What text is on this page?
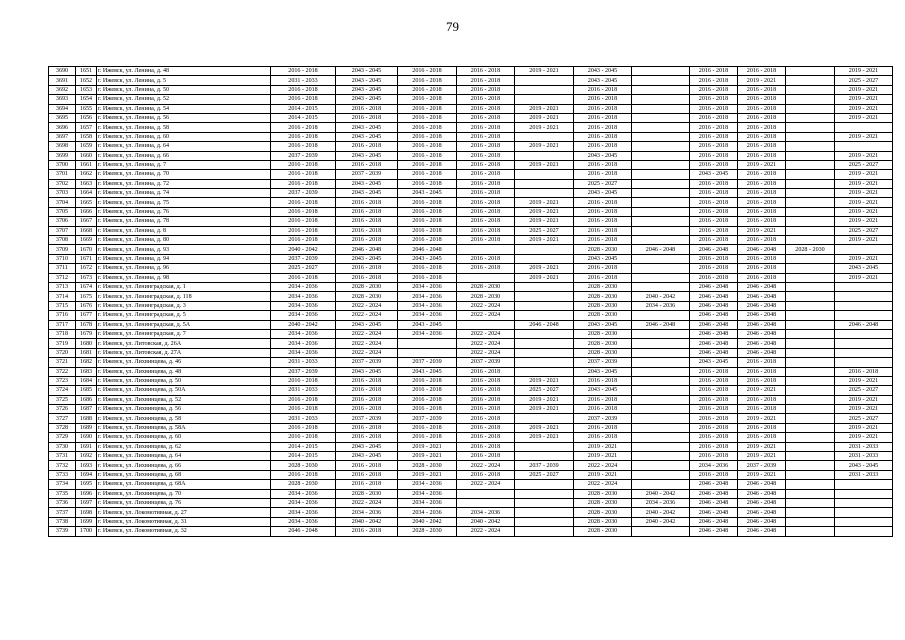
79
3690	1651	г. Ижевск, ул. Ленина, д. 48	2016 - 2018	2043 - 2045	2016 - 2018	2016 - 2018	2019 - 2021	2043 - 2045		2016 - 2018	2016 - 2018		2019 - 2021
3691	1652	г. Ижевск, ул. Ленина, д. 5	2031 - 2033	2043 - 2045	2016 - 2018	2016 - 2018		2043 - 2045		2016 - 2018	2019 - 2021		2025 - 2027
3692	1653	г. Ижевск, ул. Ленина, д. 50	2016 - 2018	2043 - 2045	2016 - 2018	2016 - 2018		2016 - 2018		2016 - 2018	2016 - 2018		2019 - 2021
3693	1654	г. Ижевск, ул. Ленина, д. 52	2016 - 2018	2043 - 2045	2016 - 2018	2016 - 2018		2016 - 2018		2016 - 2018	2016 - 2018		2019 - 2021
3694	1655	г. Ижевск, ул. Ленина, д. 54	2014 - 2015	2016 - 2018	2016 - 2018	2016 - 2018	2019 - 2021	2016 - 2018		2016 - 2018	2016 - 2018		2019 - 2021
3695	1656	г. Ижевск, ул. Ленина, д. 56	2014 - 2015	2016 - 2018	2016 - 2018	2016 - 2018	2019 - 2021	2016 - 2018		2016 - 2018	2016 - 2018		2019 - 2021
3696	1657	г. Ижевск, ул. Ленина, д. 58	2016 - 2018	2043 - 2045	2016 - 2018	2016 - 2018	2019 - 2021	2016 - 2018		2016 - 2018	2016 - 2018		
3697	1658	г. Ижевск, ул. Ленина, д. 60	2016 - 2018	2043 - 2045	2016 - 2018	2016 - 2018		2016 - 2018		2016 - 2018	2016 - 2018		2019 - 2021
3698	1659	г. Ижевск, ул. Ленина, д. 64	2016 - 2018	2016 - 2018	2016 - 2018	2016 - 2018	2019 - 2021	2016 - 2018		2016 - 2018	2016 - 2018		
3699	1660	г. Ижевск, ул. Ленина, д. 66	2037 - 2039	2043 - 2045	2016 - 2018	2016 - 2018		2043 - 2045		2016 - 2018	2016 - 2018		2019 - 2021
3700	1661	г. Ижевск, ул. Ленина, д. 7	2016 - 2018	2016 - 2018	2016 - 2018	2016 - 2018	2019 - 2021	2016 - 2018		2016 - 2018	2019 - 2021		2025 - 2027
3701	1662	г. Ижевск, ул. Ленина, д. 70	2016 - 2018	2037 - 2039	2016 - 2018	2016 - 2018		2016 - 2018		2043 - 2045	2016 - 2018		2019 - 2021
3702	1663	г. Ижевск, ул. Ленина, д. 72	2016 - 2018	2043 - 2045	2016 - 2018	2016 - 2018		2025 - 2027		2016 - 2018	2016 - 2018		2019 - 2021
3703	1664	г. Ижевск, ул. Ленина, д. 74	2037 - 2039	2043 - 2045	2043 - 2045	2016 - 2018		2043 - 2045		2016 - 2018	2016 - 2018		2019 - 2021
3704	1665	г. Ижевск, ул. Ленина, д. 75	2016 - 2018	2016 - 2018	2016 - 2018	2016 - 2018	2019 - 2021	2016 - 2018		2016 - 2018	2016 - 2018		2019 - 2021
3705	1666	г. Ижевск, ул. Ленина, д. 76	2016 - 2018	2016 - 2018	2016 - 2018	2016 - 2018	2019 - 2021	2016 - 2018		2016 - 2018	2016 - 2018		2019 - 2021
3706	1667	г. Ижевск, ул. Ленина, д. 78	2016 - 2018	2016 - 2018	2016 - 2018	2016 - 2018	2019 - 2021	2016 - 2018		2016 - 2018	2016 - 2018		2019 - 2021
3707	1668	г. Ижевск, ул. Ленина, д. 8	2016 - 2018	2016 - 2018	2016 - 2018	2016 - 2018	2025 - 2027	2016 - 2018		2016 - 2018	2019 - 2021		2025 - 2027
3708	1669	г. Ижевск, ул. Ленина, д. 80	2016 - 2018	2016 - 2018	2016 - 2018	2016 - 2018	2019 - 2021	2016 - 2018		2016 - 2018	2016 - 2018		2019 - 2021
3709	1670	г. Ижевск, ул. Ленина, д. 93	2040 - 2042	2046 - 2048	2046 - 2048			2028 - 2030	2046 - 2048	2046 - 2048	2046 - 2048	2028 - 2030	
3710	1671	г. Ижевск, ул. Ленина, д. 94	2037 - 2039	2043 - 2045	2043 - 2045	2016 - 2018		2043 - 2045		2016 - 2018	2016 - 2018		2019 - 2021
3711	1672	г. Ижевск, ул. Ленина, д. 96	2025 - 2027	2016 - 2018	2016 - 2018	2016 - 2018	2019 - 2021	2016 - 2018		2016 - 2018	2016 - 2018		2043 - 2045
3712	1673	г. Ижевск, ул. Ленина, д. 98	2016 - 2018	2016 - 2018	2016 - 2018		2019 - 2021	2016 - 2018		2016 - 2018	2016 - 2018		2019 - 2021
3713	1674	г. Ижевск, ул. Ленинградская, д. 1	2034 - 2036	2028 - 2030	2034 - 2036	2028 - 2030		2028 - 2030		2046 - 2048	2046 - 2048		
3714	1675	г. Ижевск, ул. Ленинградская, д. 118	2034 - 2036	2028 - 2030	2034 - 2036	2028 - 2030		2028 - 2030	2040 - 2042	2046 - 2048	2046 - 2048		
3715	1676	г. Ижевск, ул. Ленинградская, д. 3	2034 - 2036	2022 - 2024	2034 - 2036	2022 - 2024		2028 - 2030	2034 - 2036	2046 - 2048	2046 - 2048		
3716	1677	г. Ижевск, ул. Ленинградская, д. 5	2034 - 2036	2022 - 2024	2034 - 2036	2022 - 2024		2028 - 2030		2046 - 2048	2046 - 2048		
3717	1678	г. Ижевск, ул. Ленинградская, д. 5А	2040 - 2042	2043 - 2045	2043 - 2045		2046 - 2048	2043 - 2045	2046 - 2048	2046 - 2048	2046 - 2048		2046 - 2048
3718	1679	г. Ижевск, ул. Ленинградская, д. 7	2034 - 2036	2022 - 2024	2034 - 2036	2022 - 2024		2028 - 2030		2046 - 2048	2046 - 2048		
3719	1680	г. Ижевск, ул. Литовская, д. 26А	2034 - 2036	2022 - 2024		2022 - 2024		2028 - 2030		2046 - 2048	2046 - 2048		
3720	1681	г. Ижевск, ул. Литовская, д. 27А	2034 - 2036	2022 - 2024		2022 - 2024		2028 - 2030		2046 - 2048	2046 - 2048		
3721	1682	г. Ижевск, ул. Лихвинцева, д. 46	2031 - 2033	2037 - 2039	2037 - 2039	2037 - 2039		2037 - 2039		2043 - 2045	2016 - 2018		
3722	1683	г. Ижевск, ул. Лихвинцева, д. 48	2037 - 2039	2043 - 2045	2043 - 2045	2016 - 2018		2043 - 2045		2016 - 2018	2016 - 2018		2016 - 2018
3723	1684	г. Ижевск, ул. Лихвинцева, д. 50	2016 - 2018	2016 - 2018	2016 - 2018	2016 - 2018	2019 - 2021	2016 - 2018		2016 - 2018	2016 - 2018		2019 - 2021
3724	1685	г. Ижевск, ул. Лихвинцева, д. 50А	2031 - 2033	2016 - 2018	2016 - 2018	2016 - 2018	2025 - 2027	2043 - 2045		2016 - 2018	2019 - 2021		2025 - 2027
3725	1686	г. Ижевск, ул. Лихвинцева, д. 52	2016 - 2018	2016 - 2018	2016 - 2018	2016 - 2018	2019 - 2021	2016 - 2018		2016 - 2018	2016 - 2018		2019 - 2021
3726	1687	г. Ижевск, ул. Лихвинцева, д. 56	2016 - 2018	2016 - 2018	2016 - 2018	2016 - 2018	2019 - 2021	2016 - 2018		2016 - 2018	2016 - 2018		2019 - 2021
3727	1688	г. Ижевск, ул. Лихвинцева, д. 58	2031 - 2033	2037 - 2039	2037 - 2039	2016 - 2018		2037 - 2039		2016 - 2018	2019 - 2021		2025 - 2027
3728	1689	г. Ижевск, ул. Лихвинцева, д. 58А	2016 - 2018	2016 - 2018	2016 - 2018	2016 - 2018	2019 - 2021	2016 - 2018		2016 - 2018	2016 - 2018		2019 - 2021
3729	1690	г. Ижевск, ул. Лихвинцева, д. 60	2016 - 2018	2016 - 2018	2016 - 2018	2016 - 2018	2019 - 2021	2016 - 2018		2016 - 2018	2016 - 2018		2019 - 2021
3730	1691	г. Ижевск, ул. Лихвинцева, д. 62	2014 - 2015	2043 - 2045	2019 - 2021	2016 - 2018		2019 - 2021		2016 - 2018	2019 - 2021		2031 - 2033
3731	1692	г. Ижевск, ул. Лихвинцева, д. 64	2014 - 2015	2043 - 2045	2019 - 2021	2016 - 2018		2019 - 2021		2016 - 2018	2019 - 2021		2031 - 2033
3732	1693	г. Ижевск, ул. Лихвинцева, д. 66	2028 - 2030	2016 - 2018	2028 - 2030	2022 - 2024	2037 - 2039	2022 - 2024		2034 - 2036	2037 - 2039		2043 - 2045
3733	1694	г. Ижевск, ул. Лихвинцева, д. 68	2016 - 2018	2016 - 2018	2019 - 2021	2016 - 2018	2025 - 2027	2019 - 2021		2016 - 2018	2019 - 2021		2031 - 2033
3734	1695	г. Ижевск, ул. Лихвинцева, д. 68А	2028 - 2030	2016 - 2018	2034 - 2036	2022 - 2024		2022 - 2024		2046 - 2048	2046 - 2048		
3735	1696	г. Ижевск, ул. Лихвинцева, д. 70	2034 - 2036	2028 - 2030	2034 - 2036			2028 - 2030	2040 - 2042	2046 - 2048	2046 - 2048		
3736	1697	г. Ижевск, ул. Лихвинцева, д. 76	2034 - 2036	2022 - 2024	2034 - 2036			2028 - 2030	2034 - 2036	2046 - 2048	2046 - 2048		
3737	1698	г. Ижевск, ул. Локомотивная, д. 27	2034 - 2036	2034 - 2036	2034 - 2036	2034 - 2036		2028 - 2030	2040 - 2042	2046 - 2048	2046 - 2048		
3738	1699	г. Ижевск, ул. Локомотивная, д. 31	2034 - 2036	2040 - 2042	2040 - 2042	2040 - 2042		2028 - 2030	2040 - 2042	2046 - 2048	2046 - 2048		
3739	1700	г. Ижевск, ул. Локомотивная, д. 32	2046 - 2048	2016 - 2018	2028 - 2030	2022 - 2024		2028 - 2030		2046 - 2048	2046 - 2048		
